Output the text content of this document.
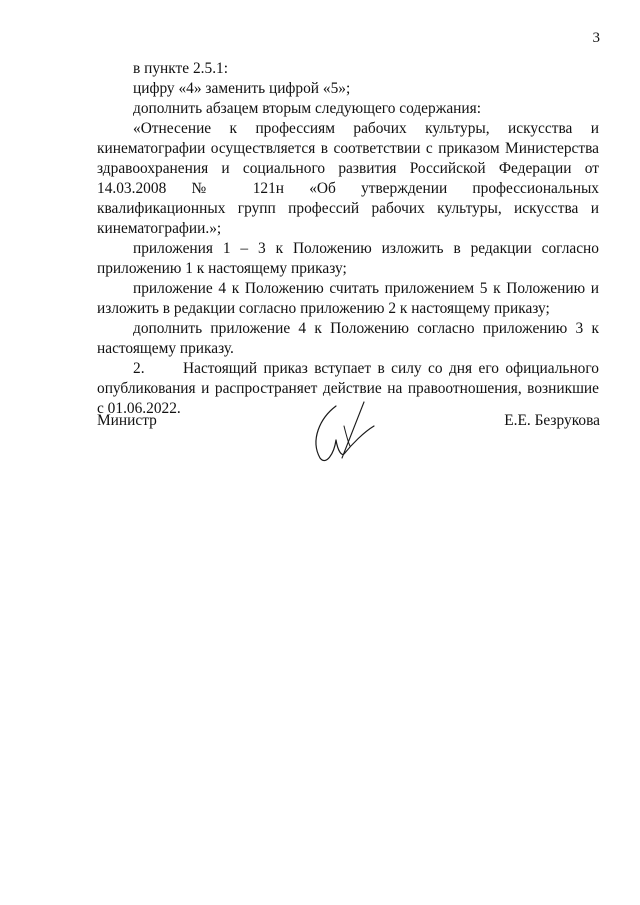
3

в пункте 2.5.1:

цифру «4» заменить цифрой «5»;

дополнить абзацем вторым следующего содержания:

«Отнесение к профессиям рабочих культуры, искусства и кинематографии осуществляется в соответствии с приказом Министерства здравоохранения и социального развития Российской Федерации от 14.03.2008 № 121н «Об утверждении профессиональных квалификационных групп профессий рабочих культуры, искусства и кинематографии.»;

приложения 1 – 3 к Положению изложить в редакции согласно приложению 1 к настоящему приказу;

приложение 4 к Положению считать приложением 5 к Положению и изложить в редакции согласно приложению 2 к настоящему приказу;

дополнить приложение 4 к Положению согласно приложению 3 к настоящему приказу.

2. Настоящий приказ вступает в силу со дня его официального опубликования и распространяет действие на правоотношения, возникшие с 01.06.2022.

Министр	Е.Е. Безрукова
